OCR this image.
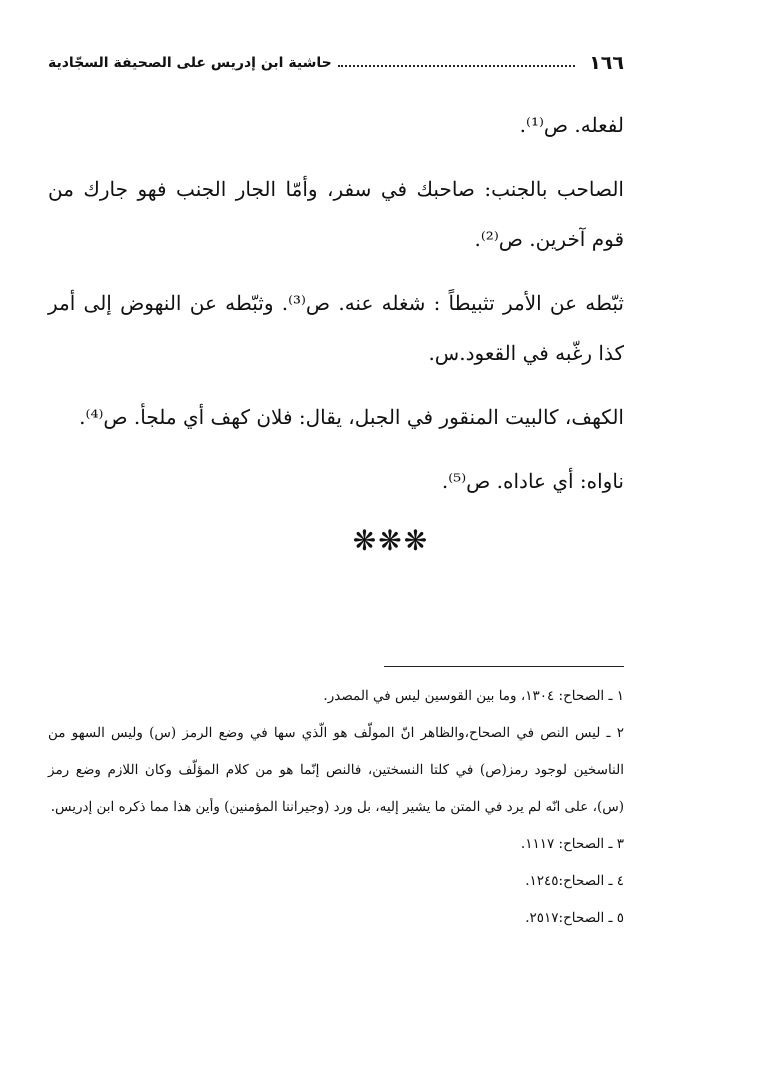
١٦٦
حاشية ابن إدريس على الصحيفة السجّادية

لفعله. ص⁽¹⁾.

الصاحب بالجنب: صاحبك في سفر، وأمّا الجار الجنب فهو جارك من قوم آخرين. ص⁽²⁾.

ثبّطه عن الأمر تثبيطاً : شغله عنه. ص⁽³⁾. وثبّطه عن النهوض إلى أمر كذا رغّبه في القعود.س.

الكهف، كالبيت المنقور في الجبل، يقال: فلان كهف أي ملجأ. ص⁽⁴⁾.

ناواه: أي عاداه. ص⁽⁵⁾.

❋❋❋

١ ـ الصحاح: ١٣٠٤، وما بين القوسين ليس في المصدر.

٢ ـ ليس النص في الصحاح،والظاهر انّ المولّف هو الّذي سها في وضع الرمز (س) وليس السهو من الناسخين لوجود رمز(ص) في كلتا النسختين، فالنص إنّما هو من كلام المؤلّف وكان اللازم وضع رمز (س)، على انّه لم يرد في المتن ما يشير إليه، بل ورد (وجيراننا المؤمنين) وأين هذا مما ذكره ابن إدريس.

٣ ـ الصحاح: ١١١٧.

٤ ـ الصحاح:١٢٤٥.

٥ ـ الصحاح:٢٥١٧.
